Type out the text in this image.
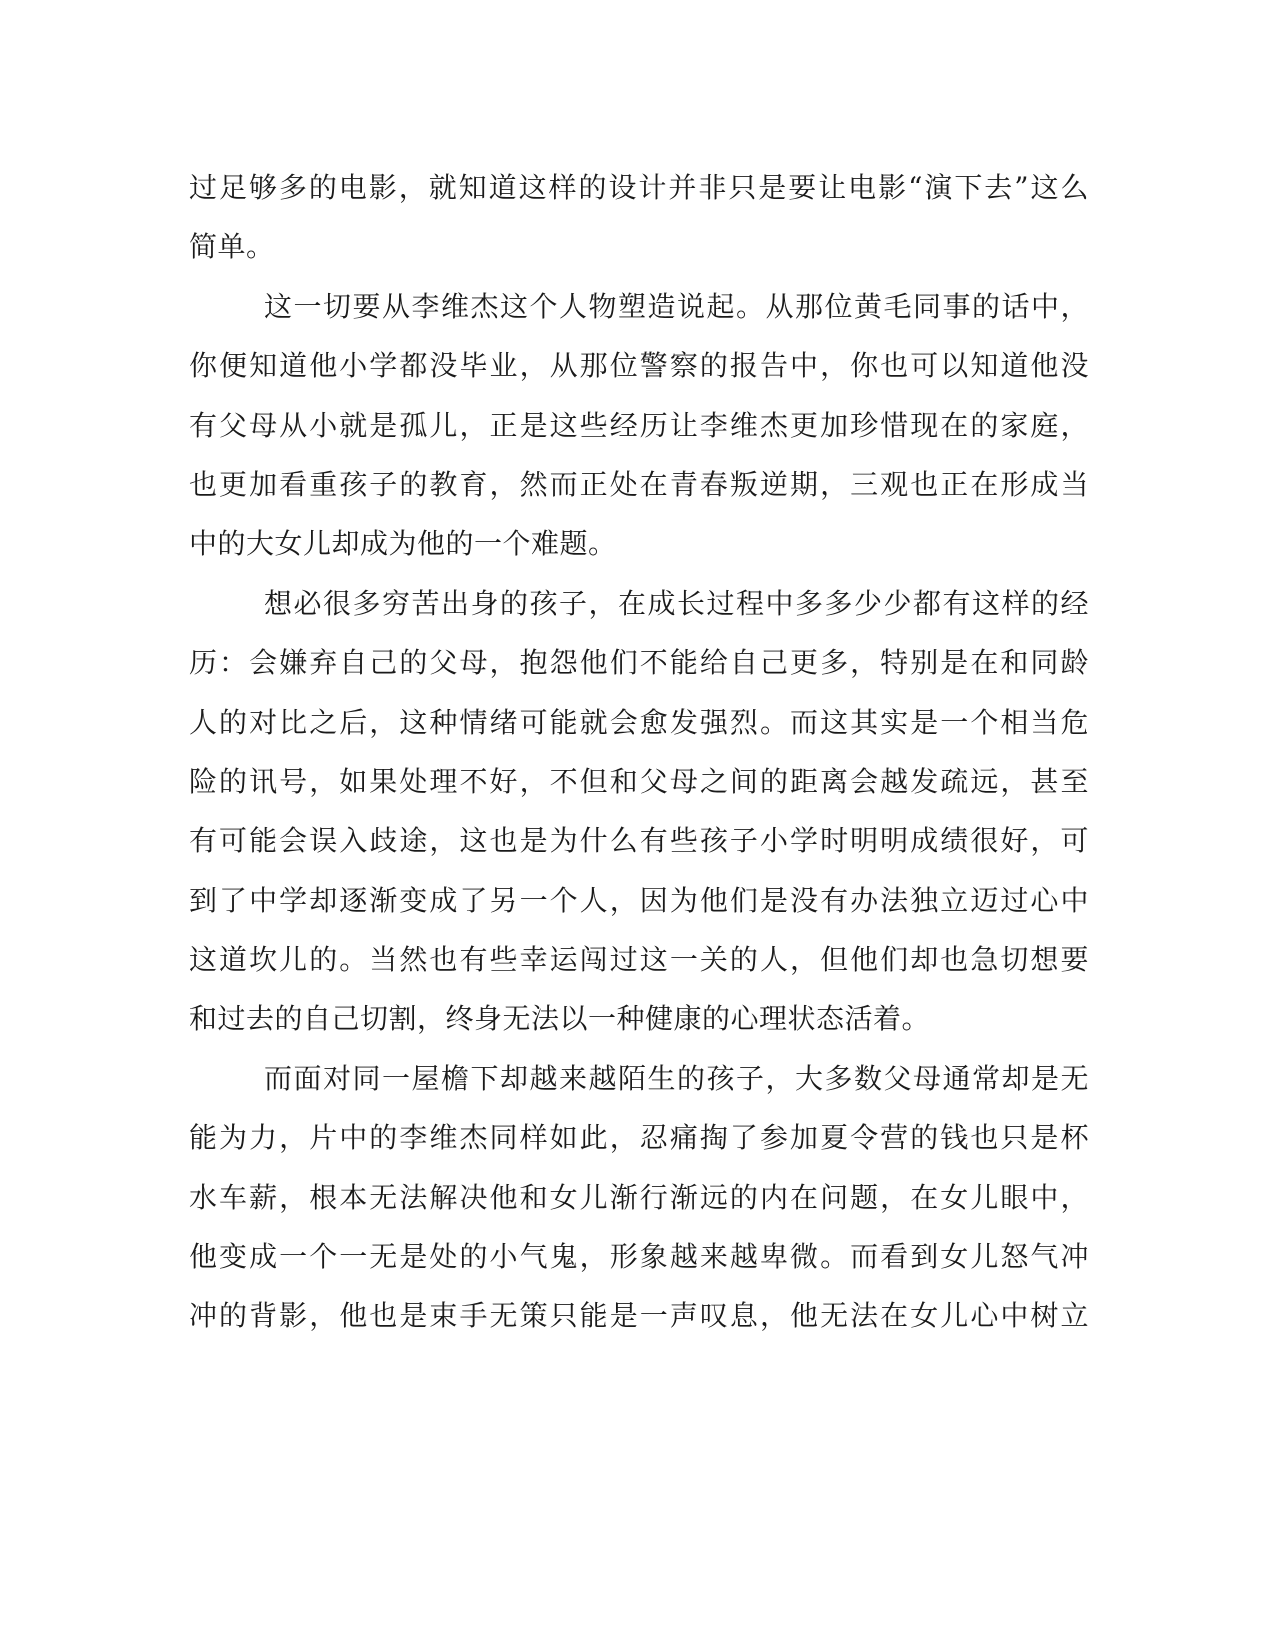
过足够多的电影，就知道这样的设计并非只是要让电影“演下去”这么
简单。
这一切要从李维杰这个人物塑造说起。从那位黄毛同事的话中，
你便知道他小学都没毕业，从那位警察的报告中，你也可以知道他没
有父母从小就是孤儿，正是这些经历让李维杰更加珍惜现在的家庭，
也更加看重孩子的教育，然而正处在青春叛逆期，三观也正在形成当
中的大女儿却成为他的一个难题。
想必很多穷苦出身的孩子，在成长过程中多多少少都有这样的经
历：会嫌弃自己的父母，抱怨他们不能给自己更多，特别是在和同龄
人的对比之后，这种情绪可能就会愈发强烈。而这其实是一个相当危
险的讯号，如果处理不好，不但和父母之间的距离会越发疏远，甚至
有可能会误入歧途，这也是为什么有些孩子小学时明明成绩很好，可
到了中学却逐渐变成了另一个人，因为他们是没有办法独立迈过心中
这道坎儿的。当然也有些幸运闯过这一关的人，但他们却也急切想要
和过去的自己切割，终身无法以一种健康的心理状态活着。
而面对同一屋檐下却越来越陌生的孩子，大多数父母通常却是无
能为力，片中的李维杰同样如此，忍痛掏了参加夏令营的钱也只是杯
水车薪，根本无法解决他和女儿渐行渐远的内在问题，在女儿眼中，
他变成一个一无是处的小气鬼，形象越来越卑微。而看到女儿怒气冲
冲的背影，他也是束手无策只能是一声叹息，他无法在女儿心中树立
